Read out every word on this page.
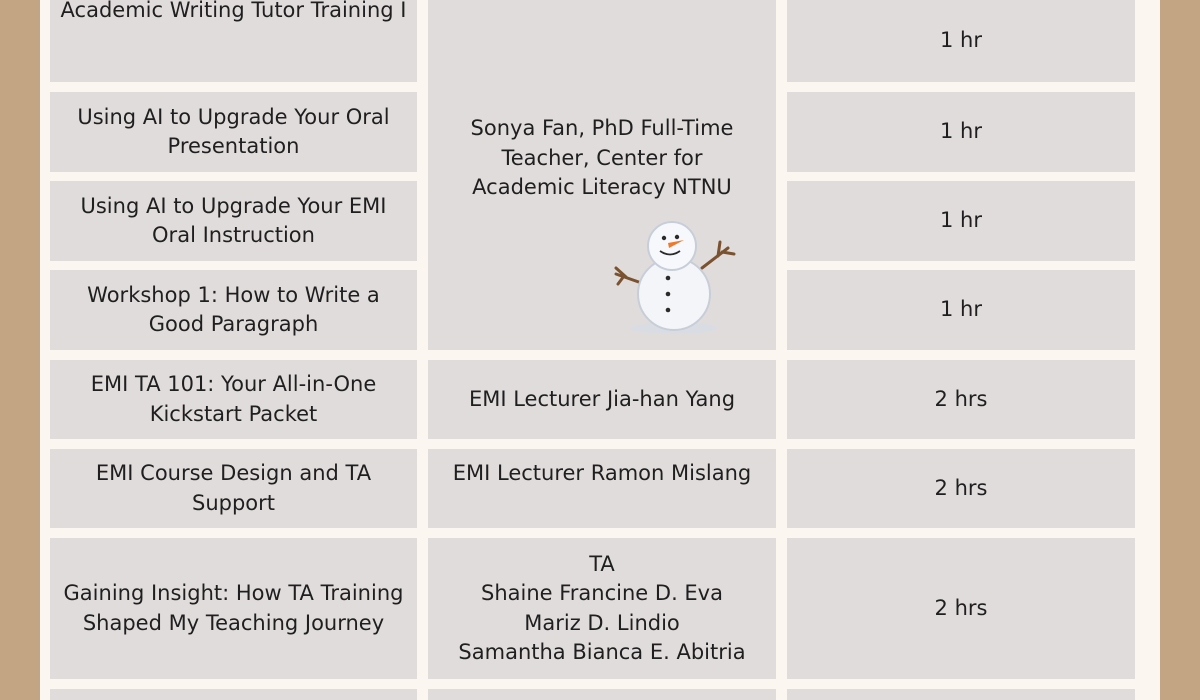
Academic Writing Tutor Training I
1 hr
Sonya Fan, PhD Full-Time Teacher, Center for Academic Literacy NTNU
Using AI to Upgrade Your Oral Presentation
1 hr
Using AI to Upgrade Your EMI Oral Instruction
1 hr
Workshop 1: How to Write a Good Paragraph
1 hr
EMI TA 101: Your All-in-One Kickstart Packet
EMI Lecturer Jia-han Yang	2 hrs
EMI Course Design and TA Support
EMI Lecturer Ramon Mislang
2 hrs
Gaining Insight: How TA Training Shaped My Teaching Journey
TA
Shaine Francine D. Eva
Mariz D. Lindio
Samantha Bianca E. Abitria
2 hrs
